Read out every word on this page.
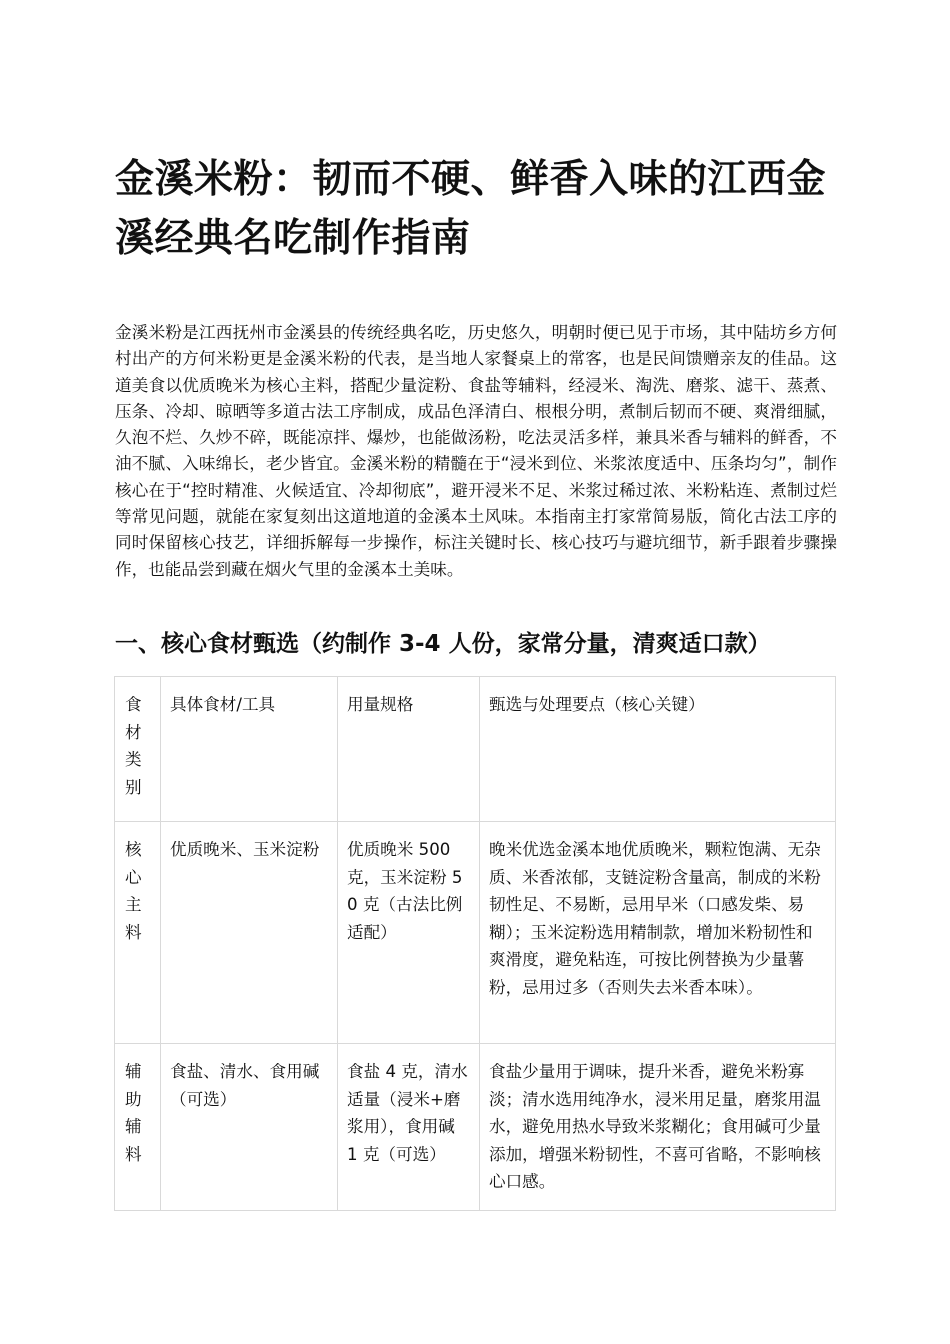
金溪米粉：韧而不硬、鲜香入味的江西金溪经典名吃制作指南

金溪米粉是江西抚州市金溪县的传统经典名吃，历史悠久，明朝时便已见于市场，其中陆坊乡方何村出产的方何米粉更是金溪米粉的代表，是当地人家餐桌上的常客，也是民间馈赠亲友的佳品。这道美食以优质晚米为核心主料，搭配少量淀粉、食盐等辅料，经浸米、淘洗、磨浆、滤干、蒸煮、压条、冷却、晾晒等多道古法工序制成，成品色泽清白、根根分明，煮制后韧而不硬、爽滑细腻，久泡不烂、久炒不碎，既能凉拌、爆炒，也能做汤粉，吃法灵活多样，兼具米香与辅料的鲜香，不油不腻、入味绵长，老少皆宜。金溪米粉的精髓在于“浸米到位、米浆浓度适中、压条均匀”，制作核心在于“控时精准、火候适宜、冷却彻底”，避开浸米不足、米浆过稀过浓、米粉粘连、煮制过烂等常见问题，就能在家复刻出这道地道的金溪本土风味。本指南主打家常简易版，简化古法工序的同时保留核心技艺，详细拆解每一步操作，标注关键时长、核心技巧与避坑细节，新手跟着步骤操作，也能品尝到藏在烟火气里的金溪本土美味。

一、核心食材甄选（约制作 3-4 人份，家常分量，清爽适口款）
食材类别	具体食材/工具	用量规格	甄选与处理要点（核心关键）
核心主料	优质晚米、玉米淀粉	优质晚米 500 克，玉米淀粉 50 克（古法比例适配）	晚米优选金溪本地优质晚米，颗粒饱满、无杂质、米香浓郁，支链淀粉含量高，制成的米粉韧性足、不易断，忌用早米（口感发柴、易糊）；玉米淀粉选用精制款，增加米粉韧性和爽滑度，避免粘连，可按比例替换为少量薯粉，忌用过多（否则失去米香本味）。
辅助辅料	食盐、清水、食用碱（可选）	食盐 4 克，清水适量（浸米+磨浆用），食用碱 1 克（可选）	食盐少量用于调味，提升米香，避免米粉寡淡；清水选用纯净水，浸米用足量，磨浆用温水，避免用热水导致米浆糊化；食用碱可少量添加，增强米粉韧性，不喜可省略，不影响核心口感。
